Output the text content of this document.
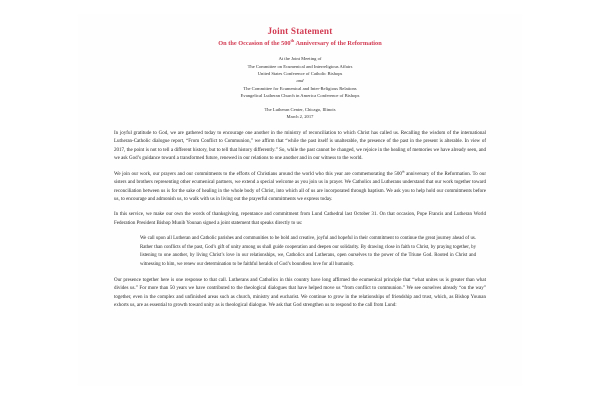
Joint Statement
On the Occasion of the 500th Anniversary of the Reformation
At the Joint Meeting of
The Committee on Ecumenical and Interreligious Affairs
United States Conference of Catholic Bishops
and
The Committee for Ecumenical and Inter-Religious Relations
Evangelical Lutheran Church in America Conference of Bishops
The Lutheran Center, Chicago, Illinois
March 2, 2017

In joyful gratitude to God, we are gathered today to encourage one another in the ministry of reconciliation to which Christ has called us. Recalling the wisdom of the international Lutheran-Catholic dialogue report, “From Conflict to Communion,” we affirm that “while the past itself is unalterable, the presence of the past in the present is alterable. In view of 2017, the point is not to tell a different history, but to tell that history differently.” So, while the past cannot be changed, we rejoice in the healing of memories we have already seen, and we ask God’s guidance toward a transformed future, renewed in our relations to one another and in our witness to the world.

We join our work, our prayers and our commitments to the efforts of Christians around the world who this year are commemorating the 500th anniversary of the Reformation. To our sisters and brothers representing other ecumenical partners, we extend a special welcome as you join us in prayer. We Catholics and Lutherans understand that our work together toward reconciliation between us is for the sake of healing in the whole body of Christ, into which all of us are incorporated through baptism. We ask you to help hold our commitments before us, to encourage and admonish us, to walk with us in living out the prayerful commitments we express today.

In this service, we make our own the words of thanksgiving, repentance and commitment from Lund Cathedral last October 31. On that occasion, Pope Francis and Lutheran World Federation President Bishop Munib Younan signed a joint statement that speaks directly to us:

We call upon all Lutheran and Catholic parishes and communities to be bold and creative, joyful and hopeful in their commitment to continue the great journey ahead of us. Rather than conflicts of the past, God’s gift of unity among us shall guide cooperation and deepen our solidarity. By drawing close in faith to Christ, by praying together, by listening to one another, by living Christ’s love in our relationships, we, Catholics and Lutherans, open ourselves to the power of the Triune God. Rooted in Christ and witnessing to him, we renew our determination to be faithful heralds of God’s boundless love for all humanity.

Our presence together here is one response to that call. Lutherans and Catholics in this country have long affirmed the ecumenical principle that “what unites us is greater than what divides us.” For more than 50 years we have contributed to the theological dialogues that have helped move us “from conflict to communion.” We see ourselves already “on the way” together, even in the complex and unfinished areas such as church, ministry and eucharist. We continue to grow in the relationships of friendship and trust, which, as Bishop Younan exhorts us, are as essential to growth toward unity as is theological dialogue. We ask that God strengthen us to respond to the call from Lund:
